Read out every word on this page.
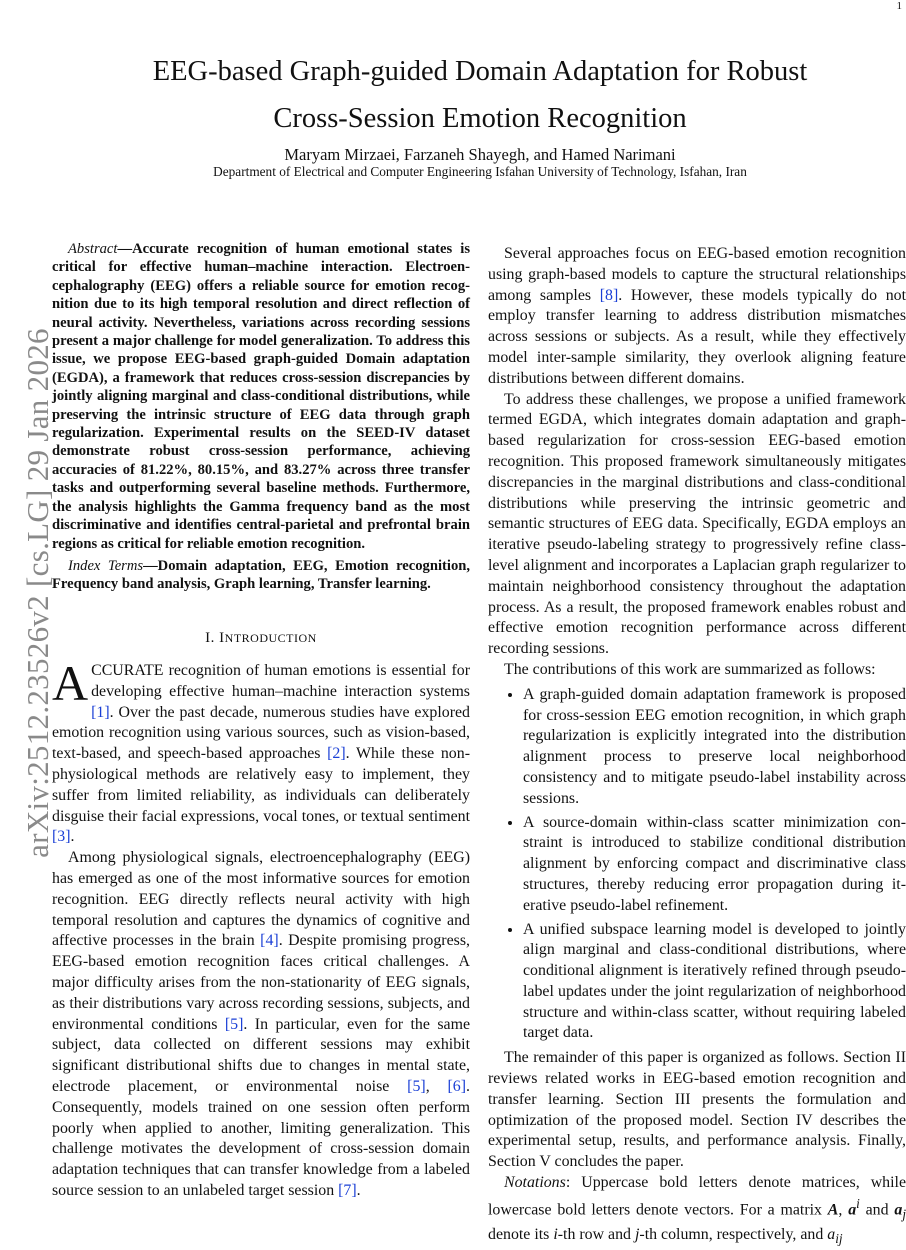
1
arXiv:2512.23526v2 [cs.LG] 29 Jan 2026
EEG-based Graph-guided Domain Adaptation for Robust
Cross-Session Emotion Recognition
Maryam Mirzaei, Farzaneh Shayegh, and Hamed Narimani
Department of Electrical and Computer Engineering Isfahan University of Technology, Isfahan, Iran

Abstract—Accurate recognition of human emotional states is critical for effective human–machine interaction. Electroencephalography (EEG) offers a reliable source for emotion recognition due to its high temporal resolution and direct reflection of neural activity. Nevertheless, variations across recording sessions present a major challenge for model generalization. To address this issue, we propose EEG-based graph-guided Domain adaptation (EGDA), a framework that reduces cross-session discrepancies by jointly aligning marginal and class-conditional distributions, while preserving the intrinsic structure of EEG data through graph regularization. Experimental results on the SEED-IV dataset demonstrate robust cross-session performance, achieving accuracies of 81.22%, 80.15%, and 83.27% across three transfer tasks and outperforming several baseline methods. Furthermore, the analysis highlights the Gamma frequency band as the most discriminative and identifies central-parietal and prefrontal brain regions as critical for reliable emotion recognition.

Index Terms—Domain adaptation, EEG, Emotion recognition, Frequency band analysis, Graph learning, Transfer learning.

I. INTRODUCTION

ACCURATE recognition of human emotions is essential for developing effective human–machine interaction systems [1]. Over the past decade, numerous studies have explored emotion recognition using various sources, such as vision-based, text-based, and speech-based approaches [2]. While these non-physiological methods are relatively easy to implement, they suffer from limited reliability, as individuals can deliberately disguise their facial expressions, vocal tones, or textual sentiment [3].

Among physiological signals, electroencephalography (EEG) has emerged as one of the most informative sources for emotion recognition. EEG directly reflects neural activity with high temporal resolution and captures the dynamics of cognitive and affective processes in the brain [4]. Despite promising progress, EEG-based emotion recognition faces critical challenges. A major difficulty arises from the non-stationarity of EEG signals, as their distributions vary across recording sessions, subjects, and environmental conditions [5]. In particular, even for the same subject, data collected on different sessions may exhibit significant distributional shifts due to changes in mental state, electrode placement, or environmental noise [5], [6]. Consequently, models trained on one session often perform poorly when applied to another, limiting generalization. This challenge motivates the development of cross-session domain adaptation techniques that can transfer knowledge from a labeled source session to an unlabeled target session [7].

Several approaches focus on EEG-based emotion recognition using graph-based models to capture the structural relationships among samples [8]. However, these models typically do not employ transfer learning to address distribution mismatches across sessions or subjects. As a result, while they effectively model inter-sample similarity, they overlook aligning feature distributions between different domains.

To address these challenges, we propose a unified framework termed EGDA, which integrates domain adaptation and graph-based regularization for cross-session EEG-based emotion recognition. This proposed framework simultaneously mitigates discrepancies in the marginal distributions and class-conditional distributions while preserving the intrinsic geometric and semantic structures of EEG data. Specifically, EGDA employs an iterative pseudo-labeling strategy to progressively refine class-level alignment and incorporates a Laplacian graph regularizer to maintain neighborhood consistency throughout the adaptation process. As a result, the proposed framework enables robust and effective emotion recognition performance across different recording sessions.

The contributions of this work are summarized as follows:

• A graph-guided domain adaptation framework is proposed for cross-session EEG emotion recognition, in which graph regularization is explicitly integrated into the distribution alignment process to preserve local neighborhood consistency and to mitigate pseudo-label instability across sessions.
• A source-domain within-class scatter minimization constraint is introduced to stabilize conditional distribution alignment by enforcing compact and discriminative class structures, thereby reducing error propagation during iterative pseudo-label refinement.
• A unified subspace learning model is developed to jointly align marginal and class-conditional distributions, where conditional alignment is iteratively refined through pseudo-label updates under the joint regularization of neighborhood structure and within-class scatter, without requiring labeled target data.

The remainder of this paper is organized as follows. Section II reviews related works in EEG-based emotion recognition and transfer learning. Section III presents the formulation and optimization of the proposed model. Section IV describes the experimental setup, results, and performance analysis. Finally, Section V concludes the paper.

Notations: Uppercase bold letters denote matrices, while lowercase bold letters denote vectors. For a matrix A, $a^i$ and $a_j$ denote its i-th row and j-th column, respectively, and $a_{ij}$
